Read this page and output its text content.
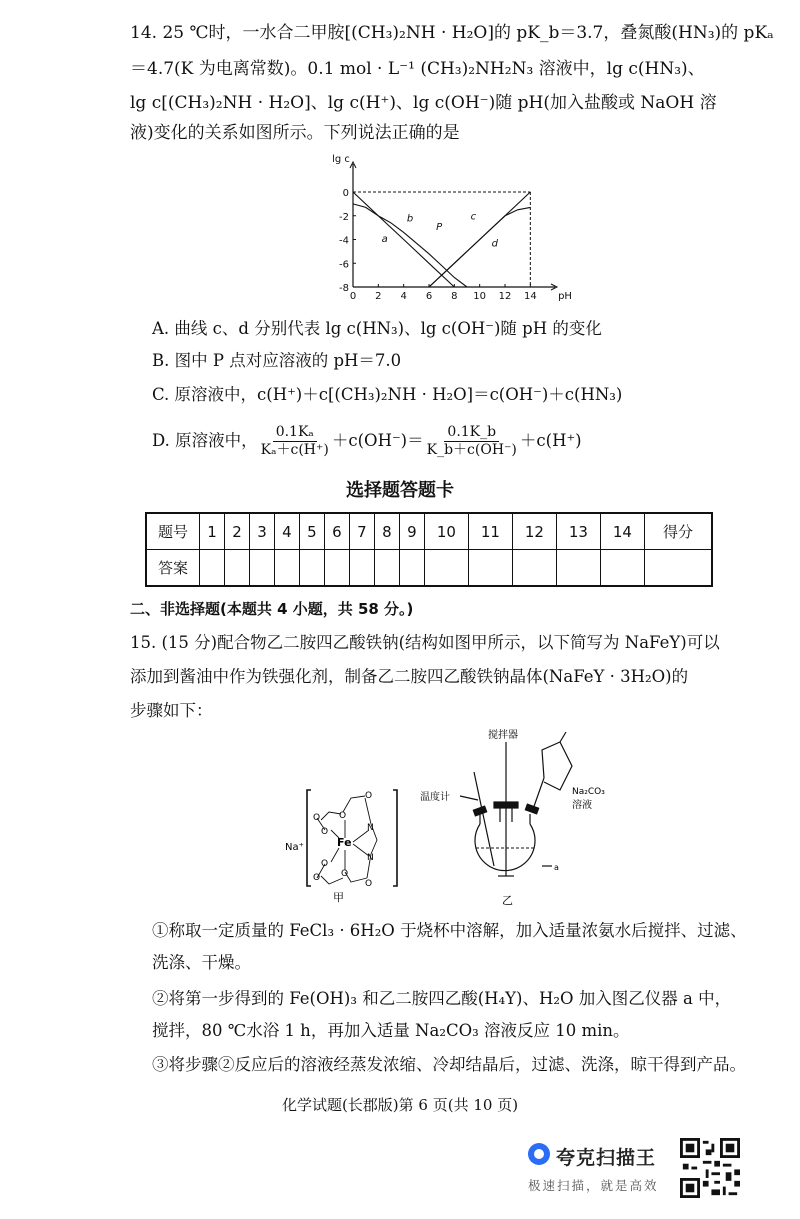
14. 25 ℃时，一水合二甲胺[(CH₃)₂NH · H₂O]的 pK_b＝3.7，叠氮酸(HN₃)的 pKₐ
＝4.7(K 为电离常数)。0.1 mol · L⁻¹ (CH₃)₂NH₂N₃ 溶液中，lg c(HN₃)、
lg c[(CH₃)₂NH · H₂O]、lg c(H⁺)、lg c(OH⁻)随 pH(加入盐酸或 NaOH 溶
液)变化的关系如图所示。下列说法正确的是
lg c
pH
0 2 4 6 8 10 12 14
0
-2
-4
-6
-8
a
b	c
d
P
A. 曲线 c、d 分别代表 lg c(HN₃)、lg c(OH⁻)随 pH 的变化
B. 图中 P 点对应溶液的 pH＝7.0
C. 原溶液中，c(H⁺)＋c[(CH₃)₂NH · H₂O]＝c(OH⁻)＋c(HN₃)
D. 原溶液中， $\frac{\text{0.1Kₐ}}{\text{Kₐ＋c(H⁺)}} +c(OH^-)= \frac{0.1K\_b}{K\_b+c(OH^-)} +c(H^+)$
选择题答题卡
题号	1	2	3	4	5	6	7	8	9	10	11	12	13	14	得分
答案															
二、非选择题(本题共 4 小题，共 58 分。)
15. (15 分)配合物乙二胺四乙酸铁钠(结构如图甲所示，以下简写为 NaFeY)可以
添加到酱油中作为铁强化剂，制备乙二胺四乙酸铁钠晶体(NaFeY · 3H₂O)的
步骤如下：
Na⁺	Fe
N
N
O
O
O
O
O
O
O
O
甲
搅拌器
温度计	Na₂CO₃
溶液
a
乙
①称取一定质量的 FeCl₃ · 6H₂O 于烧杯中溶解，加入适量浓氨水后搅拌、过滤、
洗涤、干燥。
②将第一步得到的 Fe(OH)₃ 和乙二胺四乙酸(H₄Y)、H₂O 加入图乙仪器 a 中，
搅拌，80 ℃水浴 1 h，再加入适量 Na₂CO₃ 溶液反应 10 min。
③将步骤②反应后的溶液经蒸发浓缩、冷却结晶后，过滤、洗涤，晾干得到产品。
化学试题(长郡版)第 6 页(共 10 页)
夸克扫描王
极速扫描，就是高效
